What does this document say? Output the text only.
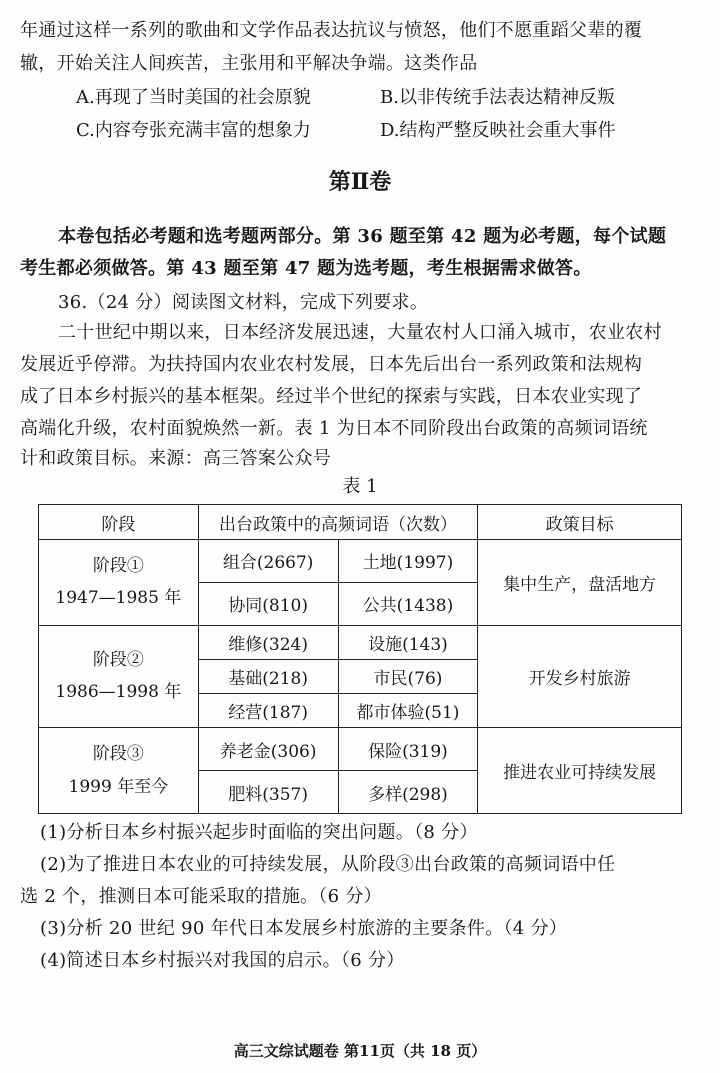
年通过这样一系列的歌曲和文学作品表达抗议与愤怒，他们不愿重蹈父辈的覆
辙，开始关注人间疾苦，主张用和平解决争端。这类作品
A.再现了当时美国的社会原貌	B.以非传统手法表达精神反叛
C.内容夸张充满丰富的想象力	D.结构严整反映社会重大事件
第Ⅱ卷
本卷包括必考题和选考题两部分。第 36 题至第 42 题为必考题，每个试题
考生都必须做答。第 43 题至第 47 题为选考题，考生根据需求做答。
36.（24 分）阅读图文材料，完成下列要求。
二十世纪中期以来，日本经济发展迅速，大量农村人口涌入城市，农业农村
发展近乎停滞。为扶持国内农业农村发展，日本先后出台一系列政策和法规构
成了日本乡村振兴的基本框架。经过半个世纪的探索与实践，日本农业实现了
高端化升级，农村面貌焕然一新。表 1 为日本不同阶段出台政策的高频词语统
计和政策目标。来源：高三答案公众号
表 1
阶段	出台政策中的高频词语（次数）		政策目标

阶段①
1947—1985 年	组合(2667)	土地(1997)	集中生产，盘活地方
	协同(810)	公共(1438)	

阶段②
1986—1998 年	维修(324)	设施(143)	开发乡村旅游
	基础(218)	市民(76)	
	经营(187)	都市体验(51)	

阶段③
1999 年至今	养老金(306)	保险(319)	推进农业可持续发展
	肥料(357)	多样(298)	
(1)分析日本乡村振兴起步时面临的突出问题。（8 分）
(2)为了推进日本农业的可持续发展，从阶段③出台政策的高频词语中任
选 2 个，推测日本可能采取的措施。（6 分）
(3)分析 20 世纪 90 年代日本发展乡村旅游的主要条件。（4 分）
(4)简述日本乡村振兴对我国的启示。（6 分）
高三文综试题卷 第11页（共 18 页）
